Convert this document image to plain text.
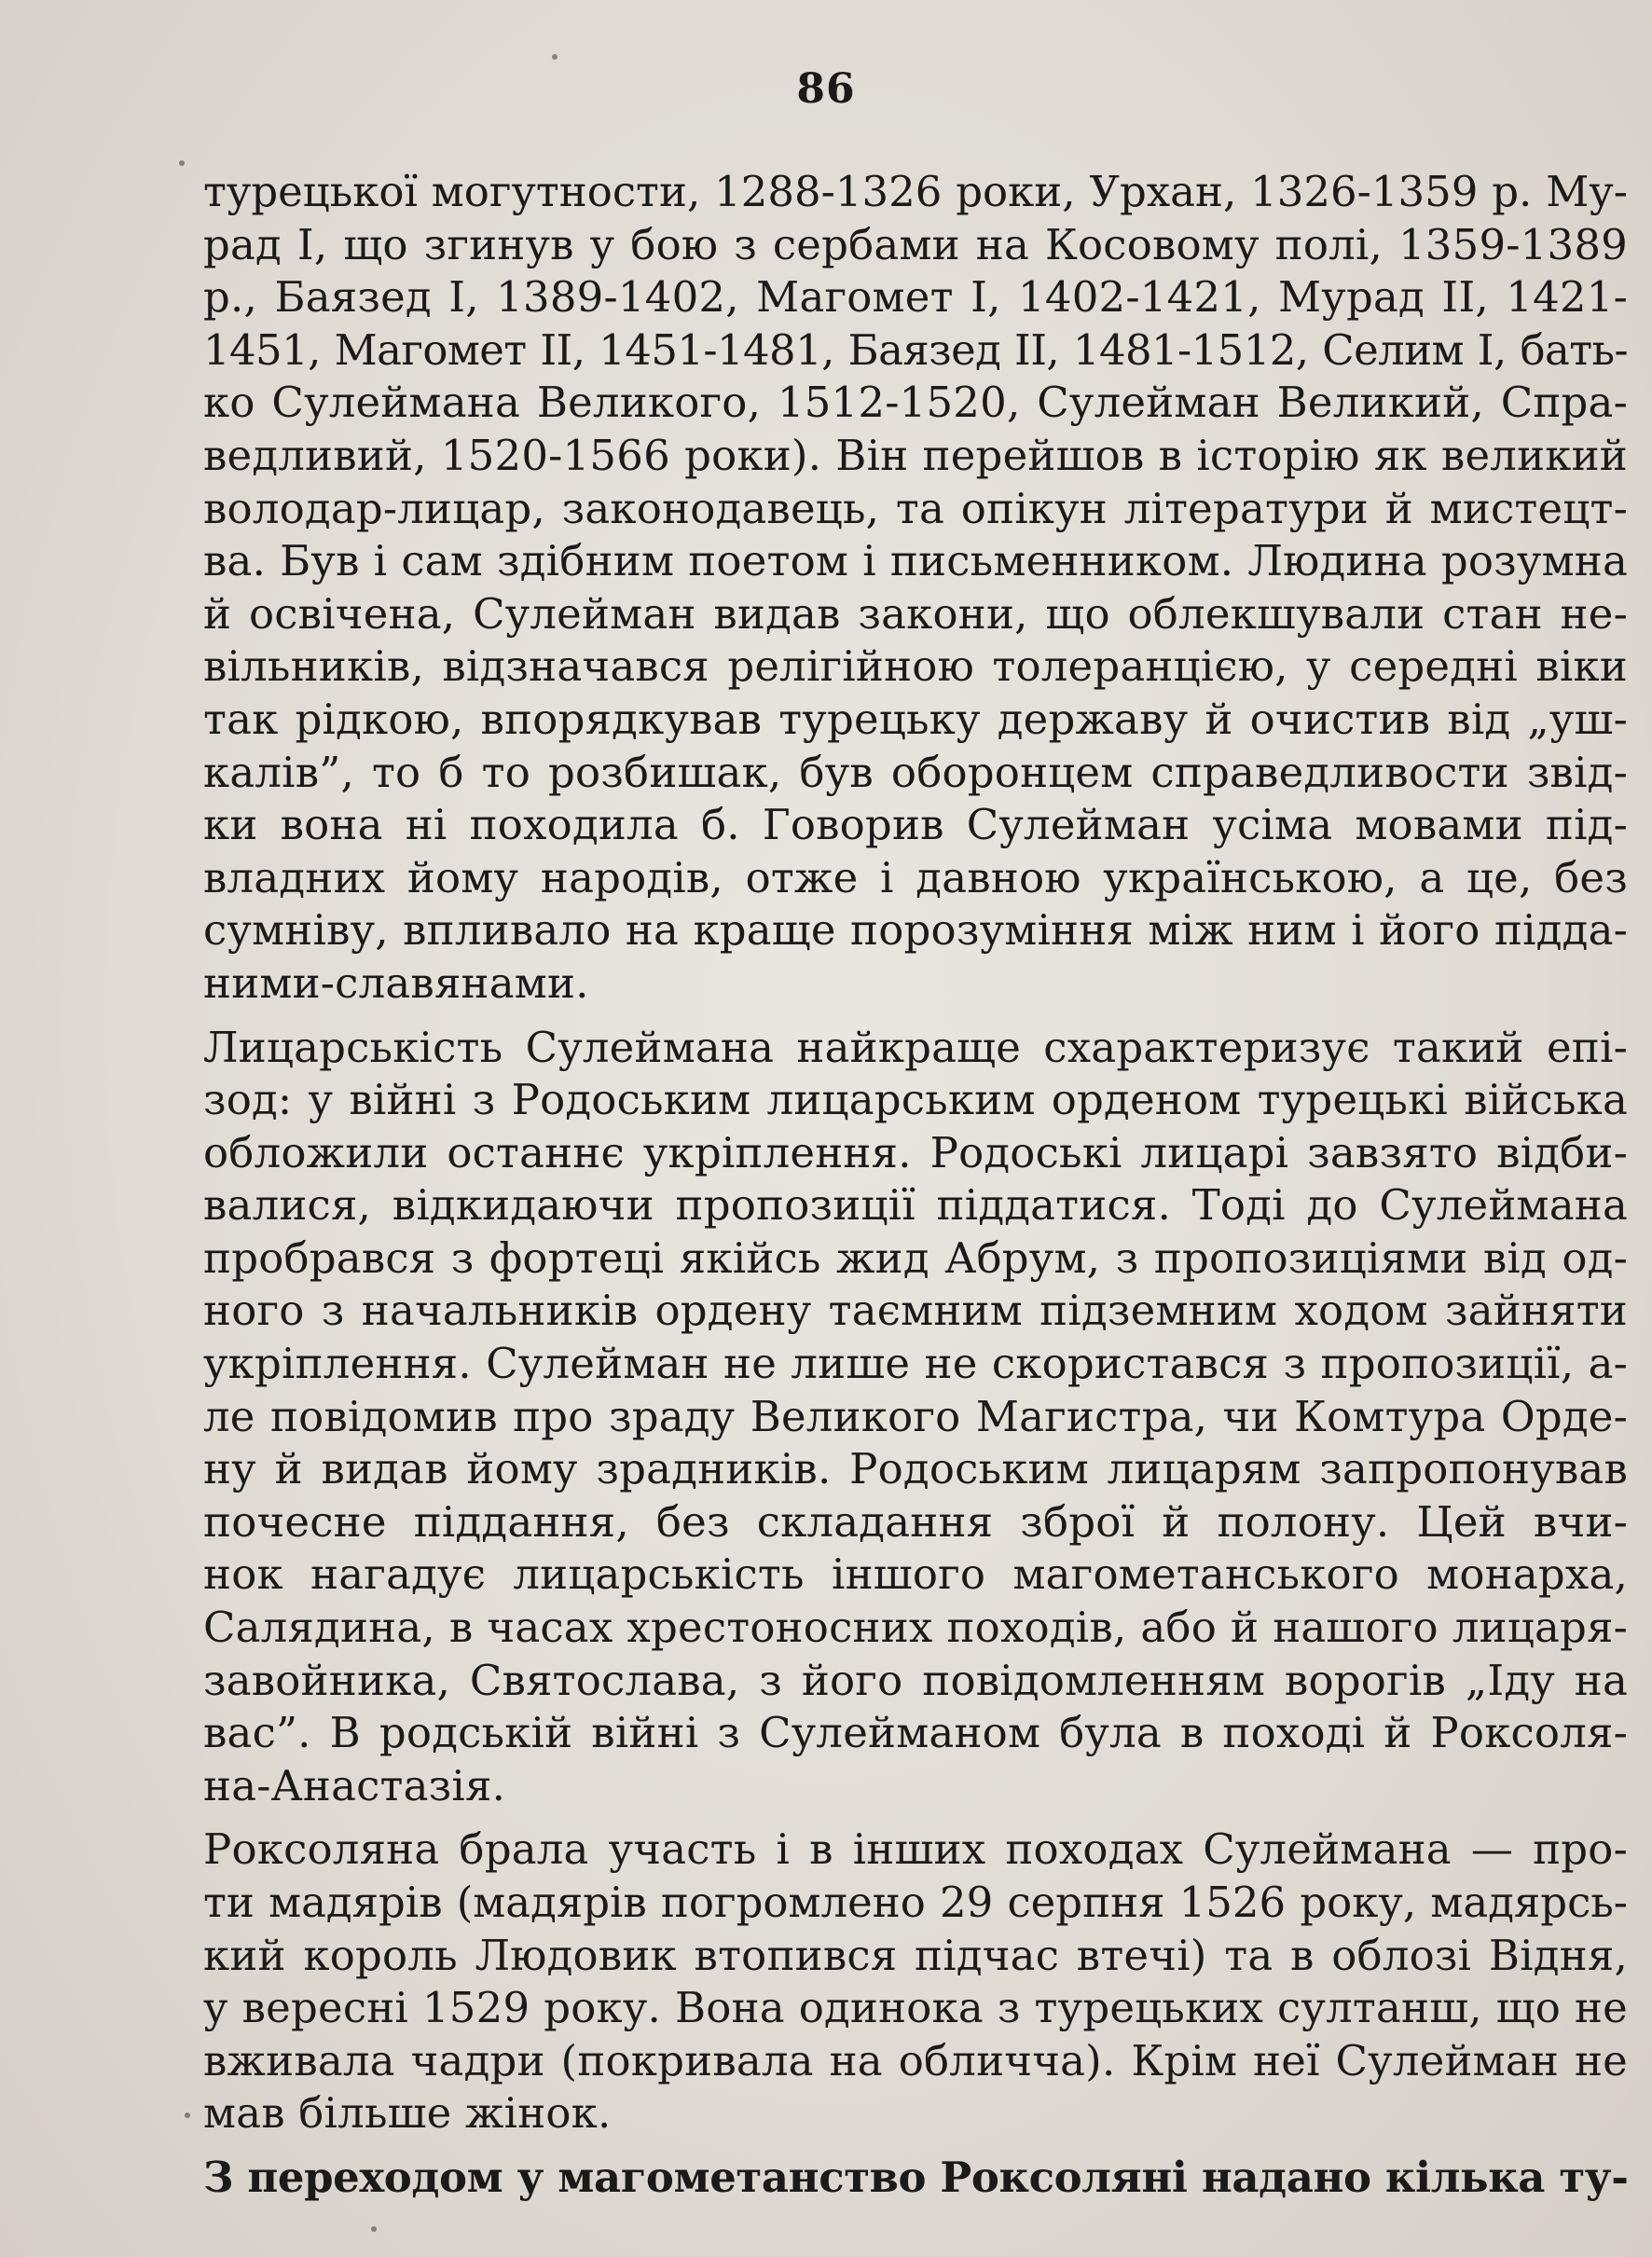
86
турецької могутности, 1288-1326 роки, Урхан, 1326-1359 р. Му-
рад І, що згинув у бою з сербами на Косовому полі, 1359-1389
р., Баязед І, 1389-1402, Магомет І, 1402-1421, Мурад II, 1421-
1451, Магомет II, 1451-1481, Баязед II, 1481-1512, Селим І, бать-
ко Сулеймана Великого, 1512-1520, Сулейман Великий, Спра-
ведливий, 1520-1566 роки). Він перейшов в історію як великий
володар-лицар, законодавець, та опікун літератури й мистецт-
ва. Був і сам здібним поетом і письменником. Людина розумна
й освічена, Сулейман видав закони, що облекшували стан не-
вільників, відзначався релігійною толеранцією, у середні віки
так рідкою, впорядкував турецьку державу й очистив від „уш-
калів”, то б то розбишак, був оборонцем справедливости звід-
ки вона ні походила б. Говорив Сулейман усіма мовами під-
владних йому народів, отже і давною українською, а це, без
сумніву, впливало на краще порозуміння між ним і його підда-
ними-славянами.
Лицарськість Сулеймана найкраще схарактеризує такий епі-
зод: у війні з Родоським лицарським орденом турецькі війська
обложили останнє укріплення. Родоські лицарі завзято відби-
валися, відкидаючи пропозиції піддатися. Тоді до Сулеймана
пробрався з фортеці якійсь жид Абрум, з пропозиціями від од-
ного з начальників ордену таємним підземним ходом зайняти
укріплення. Сулейман не лише не скористався з пропозиції, а-
ле повідомив про зраду Великого Магистра, чи Комтура Орде-
ну й видав йому зрадників. Родоським лицарям запропонував
почесне піддання, без складання зброї й полону. Цей вчи-
нок нагадує лицарськість іншого магометанського монарха,
Салядина, в часах хрестоносних походів, або й нашого лицаря-
завойника, Святослава, з його повідомленням ворогів „Іду на
вас”. В родській війні з Сулейманом була в поході й Роксоля-
на-Анастазія.
Роксоляна брала участь і в інших походах Сулеймана — про-
ти мадярів (мадярів погромлено 29 серпня 1526 року, мадярсь-
кий король Людовик втопився підчас втечі) та в облозі Відня,
у вересні 1529 року. Вона одинока з турецьких султанш, що не
вживала чадри (покривала на обличча). Крім неї Сулейман не
мав більше жінок.
З переходом у магометанство Роксоляні надано кілька ту-
